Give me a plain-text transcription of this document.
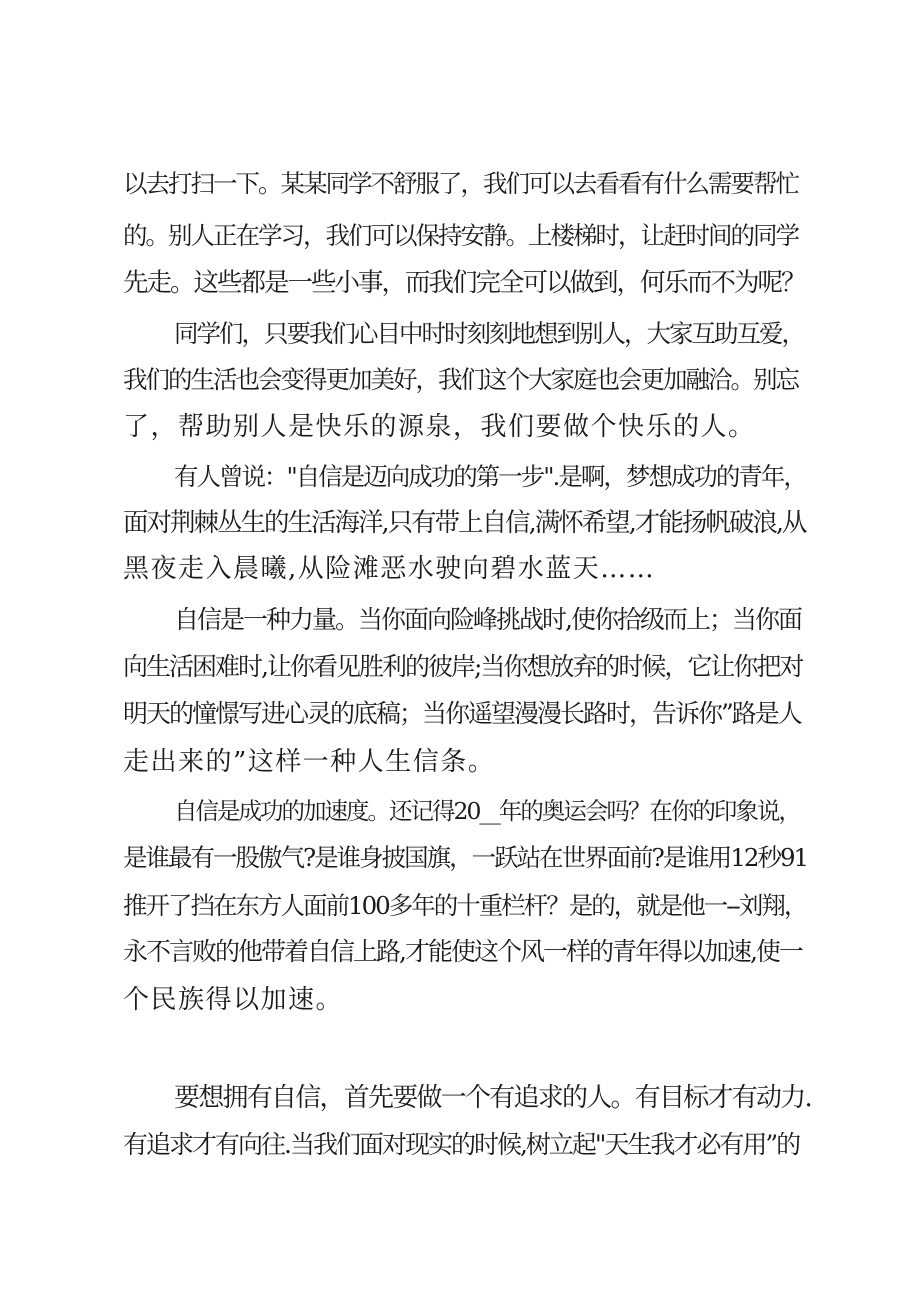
以去打扫一下。某某同学不舒服了，我们可以去看看有什么需要帮忙
的。别人正在学习，我们可以保持安静。上楼梯时，让赶时间的同学
先走。这些都是一些小事，而我们完全可以做到，何乐而不为呢？
同学们，只要我们心目中时时刻刻地想到别人，大家互助互爱，
我们的生活也会变得更加美好，我们这个大家庭也会更加融洽。别忘
了，帮助别人是快乐的源泉，我们要做个快乐的人。
有人曾说："自信是迈向成功的第一步".是啊，梦想成功的青年，
面对荆棘丛生的生活海洋,只有带上自信,满怀希望,才能扬帆破浪,从
黑夜走入晨曦,从险滩恶水驶向碧水蓝天……
自信是一种力量。当你面向险峰挑战时,使你拾级而上；当你面
向生活困难时,让你看见胜利的彼岸;当你想放弃的时候，它让你把对
明天的憧憬写进心灵的底稿；当你遥望漫漫长路时，告诉你”路是人
走出来的”这样一种人生信条。
自信是成功的加速度。还记得20__年的奥运会吗？在你的印象说，
是谁最有一股傲气?是谁身披国旗，一跃站在世界面前?是谁用12秒91
推开了挡在东方人面前100多年的十重栏杆？是的，就是他一--刘翔，
永不言败的他带着自信上路,才能使这个风一样的青年得以加速,使一
个民族得以加速。
要想拥有自信，首先要做一个有追求的人。有目标才有动力.
有追求才有向往.当我们面对现实的时候,树立起"天生我才必有用”的
